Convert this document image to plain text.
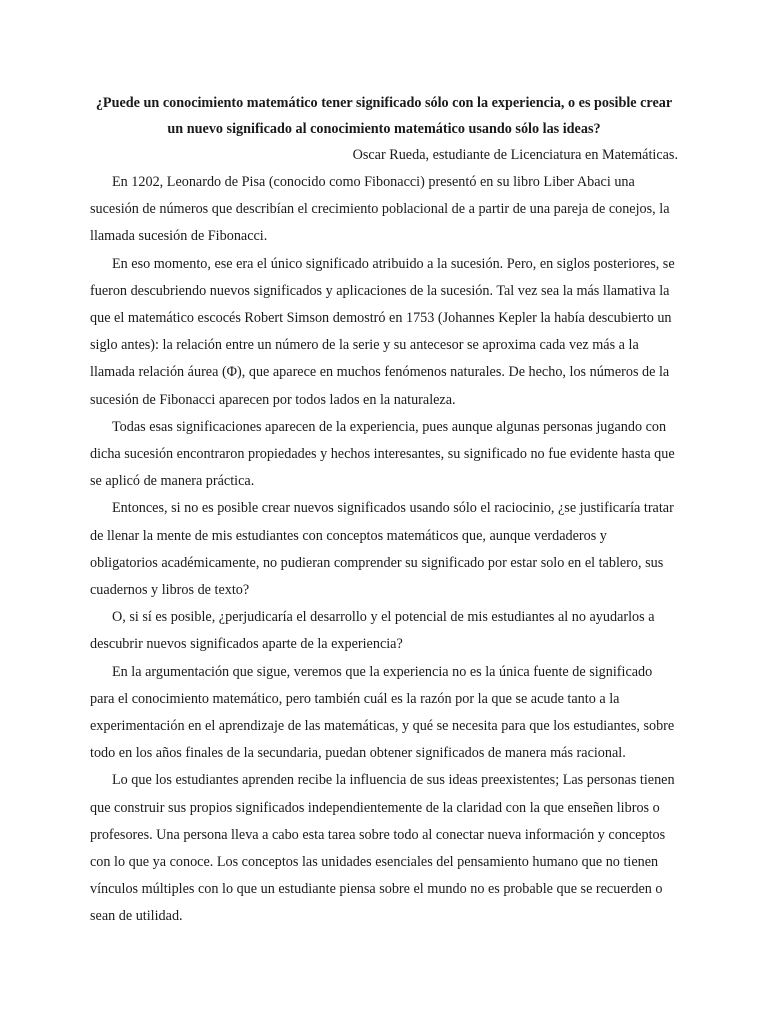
¿Puede un conocimiento matemático tener significado sólo con la experiencia, o es posible crear un nuevo significado al conocimiento matemático usando sólo las ideas?

Oscar Rueda, estudiante de Licenciatura en Matemáticas.

En 1202, Leonardo de Pisa (conocido como Fibonacci) presentó en su libro Liber Abaci una sucesión de números que describían el crecimiento poblacional de a partir de una pareja de conejos, la llamada sucesión de Fibonacci.

En eso momento, ese era el único significado atribuido a la sucesión. Pero, en siglos posteriores, se fueron descubriendo nuevos significados y aplicaciones de la sucesión. Tal vez sea la más llamativa la que el matemático escocés Robert Simson demostró en 1753 (Johannes Kepler la había descubierto un siglo antes): la relación entre un número de la serie y su antecesor se aproxima cada vez más a la llamada relación áurea (Φ), que aparece en muchos fenómenos naturales. De hecho, los números de la sucesión de Fibonacci aparecen por todos lados en la naturaleza.

Todas esas significaciones aparecen de la experiencia, pues aunque algunas personas jugando con dicha sucesión encontraron propiedades y hechos interesantes, su significado no fue evidente hasta que se aplicó de manera práctica.

Entonces, si no es posible crear nuevos significados usando sólo el raciocinio, ¿se justificaría tratar de llenar la mente de mis estudiantes con conceptos matemáticos que, aunque verdaderos y obligatorios académicamente, no pudieran comprender su significado por estar solo en el tablero, sus cuadernos y libros de texto?

O, si sí es posible, ¿perjudicaría el desarrollo y el potencial de mis estudiantes al no ayudarlos a descubrir nuevos significados aparte de la experiencia?

En la argumentación que sigue, veremos que la experiencia no es la única fuente de significado para el conocimiento matemático, pero también cuál es la razón por la que se acude tanto a la experimentación en el aprendizaje de las matemáticas, y qué se necesita para que los estudiantes, sobre todo en los años finales de la secundaria, puedan obtener significados de manera más racional.

Lo que los estudiantes aprenden recibe la influencia de sus ideas preexistentes; Las personas tienen que construir sus propios significados independientemente de la claridad con la que enseñen libros o profesores. Una persona lleva a cabo esta tarea sobre todo al conectar nueva información y conceptos con lo que ya conoce. Los conceptos las unidades esenciales del pensamiento humano que no tienen vínculos múltiples con lo que un estudiante piensa sobre el mundo no es probable que se recuerden o sean de utilidad.
